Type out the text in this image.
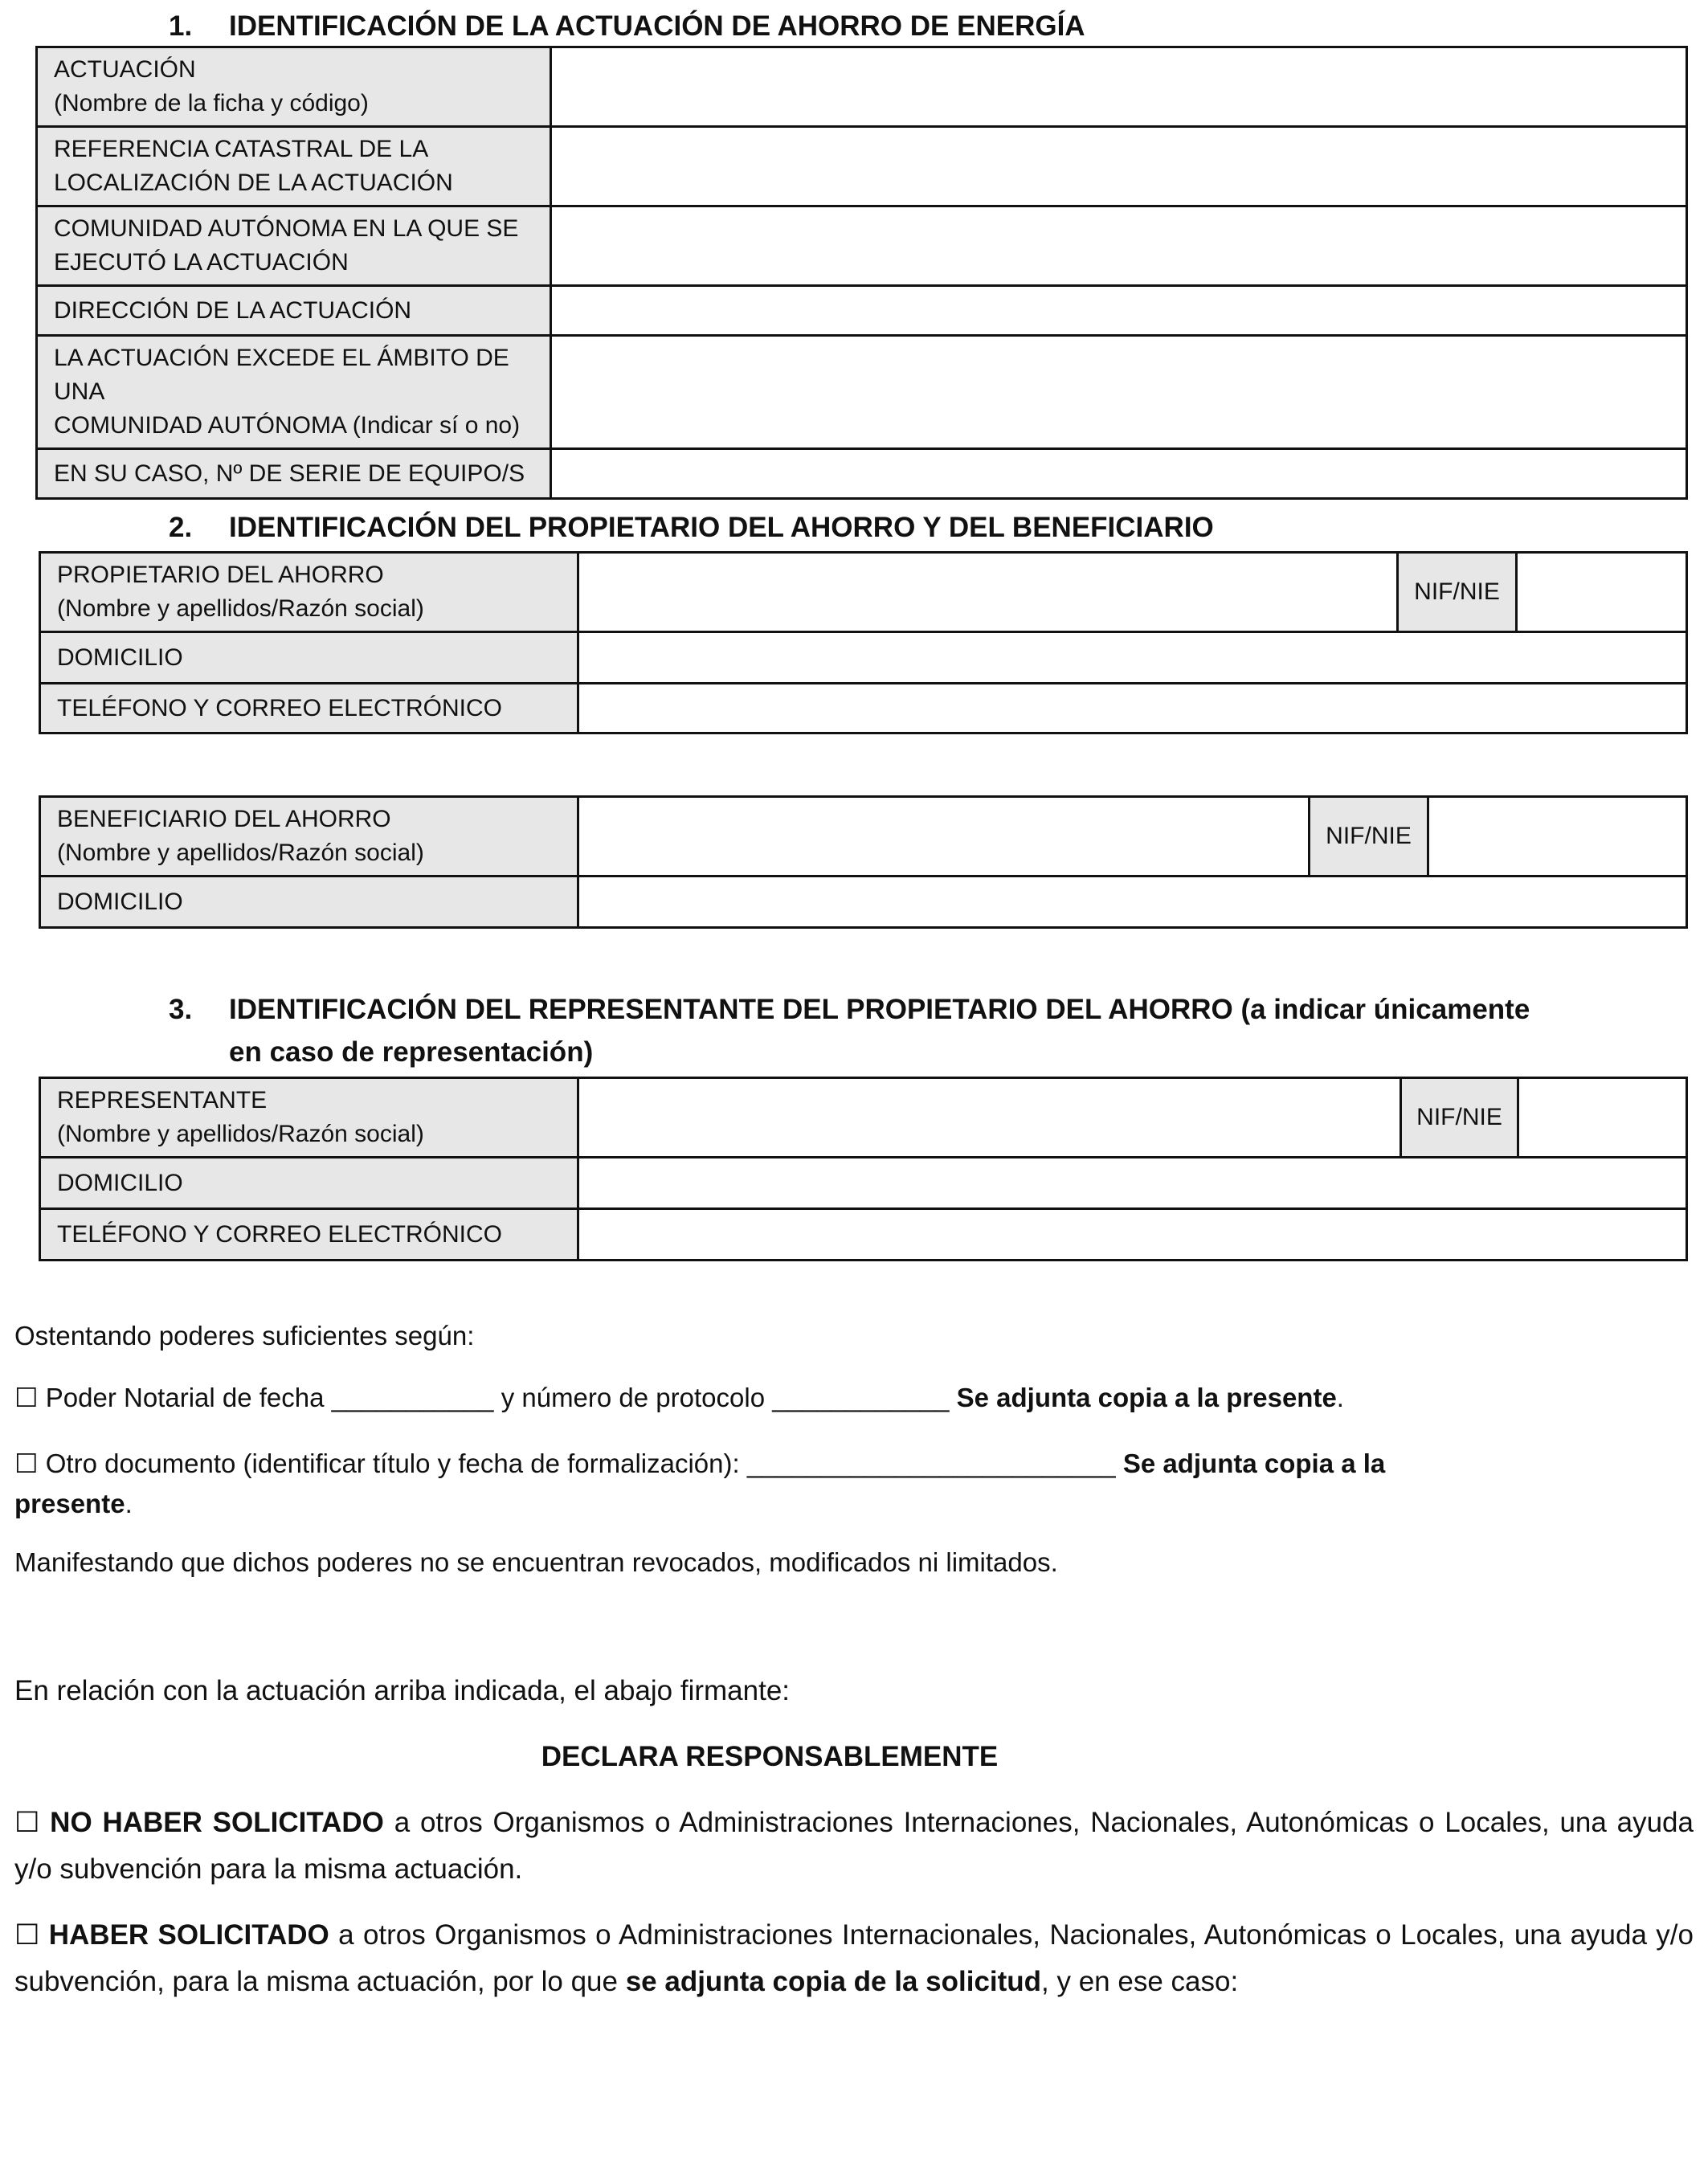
1. IDENTIFICACIÓN DE LA ACTUACIÓN DE AHORRO DE ENERGÍA
ACTUACIÓN
(Nombre de la ficha y código)	

REFERENCIA CATASTRAL DE LA
LOCALIZACIÓN DE LA ACTUACIÓN	

COMUNIDAD AUTÓNOMA EN LA QUE SE
EJECUTÓ LA ACTUACIÓN	

DIRECCIÓN DE LA ACTUACIÓN	

LA ACTUACIÓN EXCEDE EL ÁMBITO DE UNA
COMUNIDAD AUTÓNOMA (Indicar sí o no)	

EN SU CASO, Nº DE SERIE DE EQUIPO/S	

2. IDENTIFICACIÓN DEL PROPIETARIO DEL AHORRO Y DEL BENEFICIARIO
PROPIETARIO DEL AHORRO
(Nombre y apellidos/Razón social)		NIF/NIE	
DOMICILIO			
TELÉFONO Y CORREO ELECTRÓNICO			
BENEFICIARIO DEL AHORRO
(Nombre y apellidos/Razón social)		NIF/NIE	
DOMICILIO			
3. IDENTIFICACIÓN DEL REPRESENTANTE DEL PROPIETARIO DEL AHORRO (a indicar únicamente
en caso de representación)
REPRESENTANTE
(Nombre y apellidos/Razón social)		NIF/NIE	
DOMICILIO			
TELÉFONO Y CORREO ELECTRÓNICO			

Ostentando poderes suficientes según:

☐ Poder Notarial de fecha ___________ y número de protocolo ____________ Se adjunta copia a la presente.

☐ Otro documento (identificar título y fecha de formalización): _________________________ Se adjunta copia a la presente.

Manifestando que dichos poderes no se encuentran revocados, modificados ni limitados.

En relación con la actuación arriba indicada, el abajo firmante:

DECLARA RESPONSABLEMENTE

☐ NO HABER SOLICITADO a otros Organismos o Administraciones Internaciones, Nacionales, Autonómicas o Locales, una ayuda y/o subvención para la misma actuación.

☐ HABER SOLICITADO a otros Organismos o Administraciones Internacionales, Nacionales, Autonómicas o Locales, una ayuda y/o subvención, para la misma actuación, por lo que se adjunta copia de la solicitud, y en ese caso:
